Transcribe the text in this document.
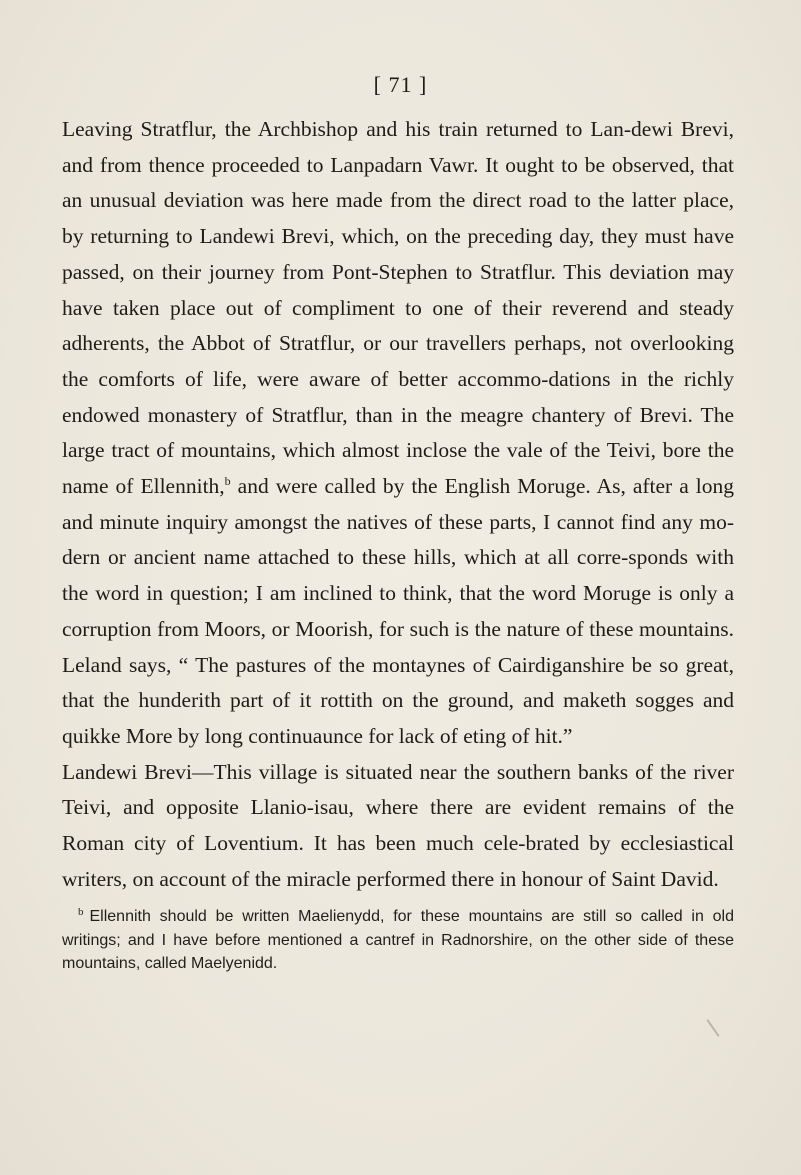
[ 71 ]

Leaving Stratflur, the Archbishop and his train returned to Lan-dewi Brevi, and from thence proceeded to Lanpadarn Vawr. It ought to be observed, that an unusual deviation was here made from the direct road to the latter place, by returning to Landewi Brevi, which, on the preceding day, they must have passed, on their journey from Pont-Stephen to Stratflur. This deviation may have taken place out of compliment to one of their reverend and steady adherents, the Abbot of Stratflur, or our travellers perhaps, not overlooking the comforts of life, were aware of better accommo-dations in the richly endowed monastery of Stratflur, than in the meagre chantery of Brevi. The large tract of mountains, which almost inclose the vale of the Teivi, bore the name of Ellennith,$^b$ and were called by the English Moruge. As, after a long and minute inquiry amongst the natives of these parts, I cannot find any mo-dern or ancient name attached to these hills, which at all corre-sponds with the word in question; I am inclined to think, that the word Moruge is only a corruption from Moors, or Moorish, for such is the nature of these mountains. Leland says, “ The pastures of the montaynes of Cairdiganshire be so great, that the hunderith part of it rottith on the ground, and maketh sogges and quikke More by long continuaunce for lack of eting of hit.”

Landewi Brevi—This village is situated near the southern banks of the river Teivi, and opposite Llanio-isau, where there are evident remains of the Roman city of Loventium. It has been much cele-brated by ecclesiastical writers, on account of the miracle performed there in honour of Saint David.

b Ellennith should be written Maelienydd, for these mountains are still so called in old writings; and I have before mentioned a cantref in Radnorshire, on the other side of these mountains, called Maelyenidd.
